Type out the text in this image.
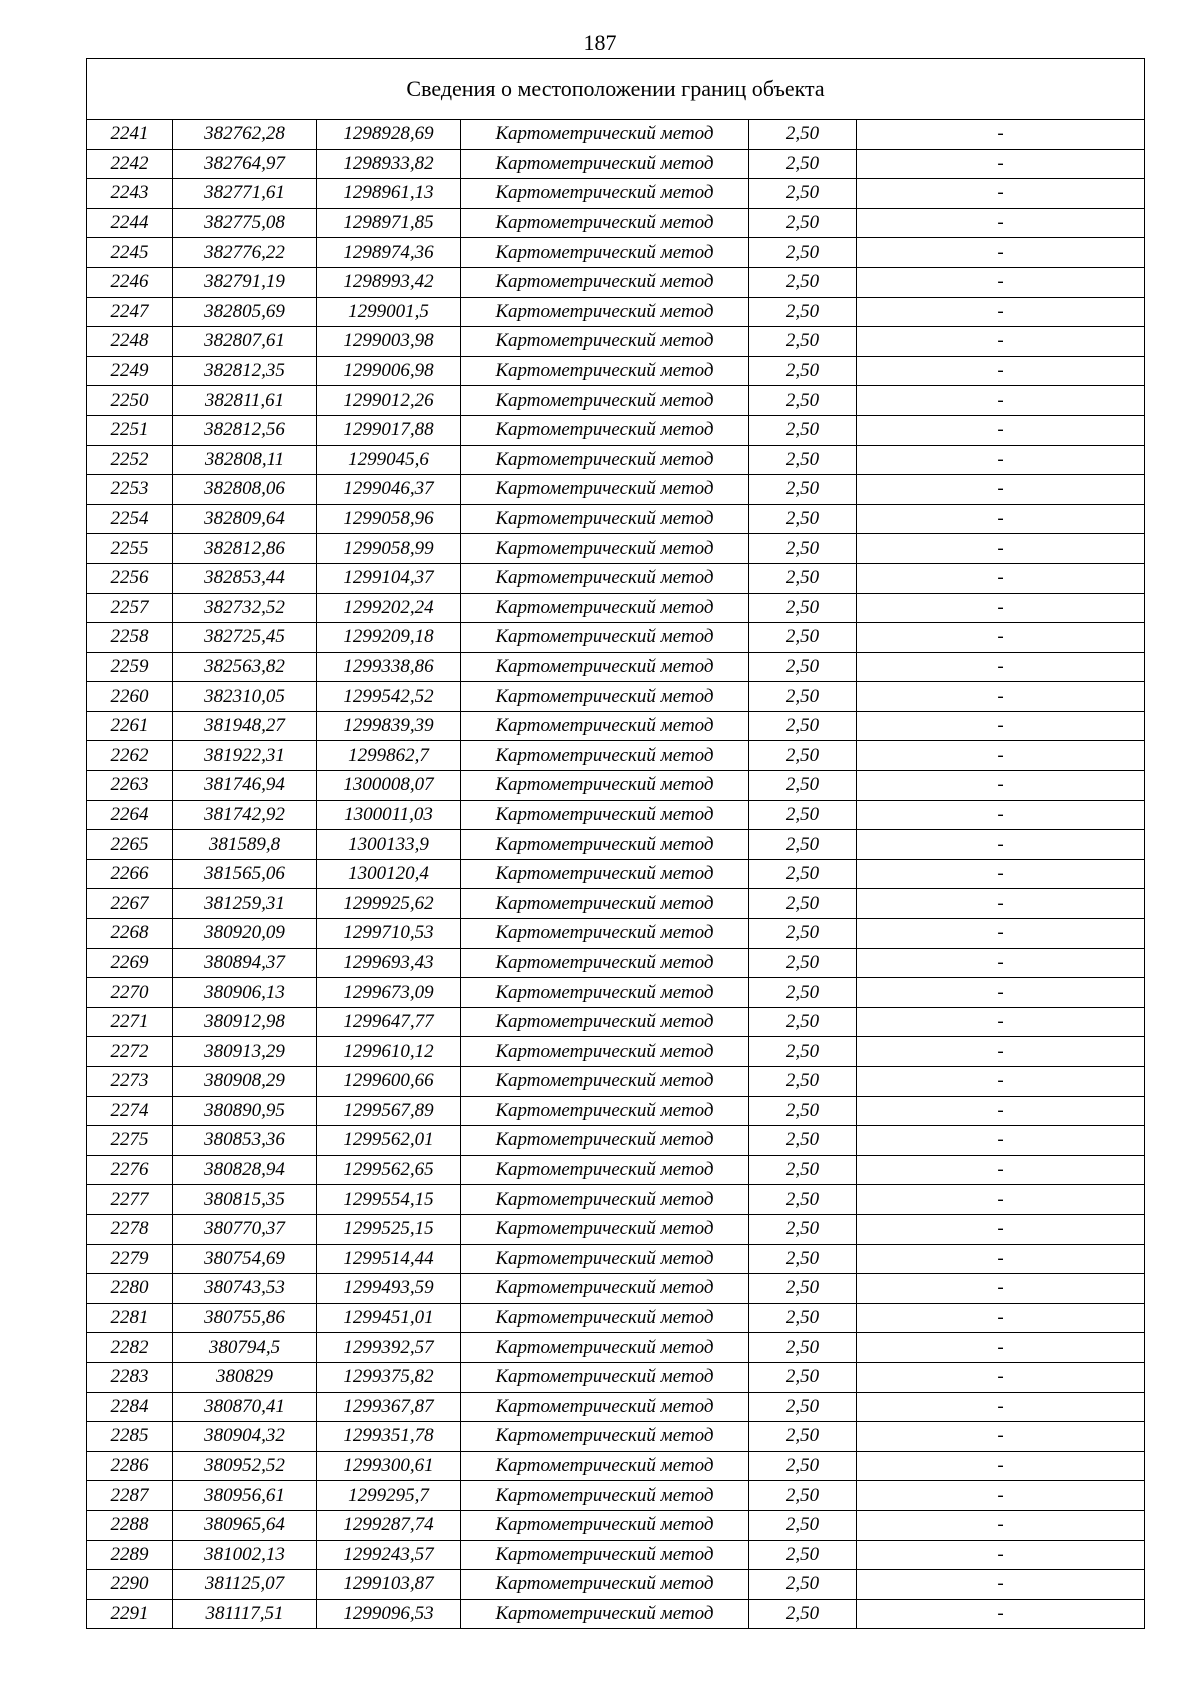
187
Сведения о местоположении границ объекта					
2241	382762,28	1298928,69	Картометрический метод	2,50	-
2242	382764,97	1298933,82	Картометрический метод	2,50	-
2243	382771,61	1298961,13	Картометрический метод	2,50	-
2244	382775,08	1298971,85	Картометрический метод	2,50	-
2245	382776,22	1298974,36	Картометрический метод	2,50	-
2246	382791,19	1298993,42	Картометрический метод	2,50	-
2247	382805,69	1299001,5	Картометрический метод	2,50	-
2248	382807,61	1299003,98	Картометрический метод	2,50	-
2249	382812,35	1299006,98	Картометрический метод	2,50	-
2250	382811,61	1299012,26	Картометрический метод	2,50	-
2251	382812,56	1299017,88	Картометрический метод	2,50	-
2252	382808,11	1299045,6	Картометрический метод	2,50	-
2253	382808,06	1299046,37	Картометрический метод	2,50	-
2254	382809,64	1299058,96	Картометрический метод	2,50	-
2255	382812,86	1299058,99	Картометрический метод	2,50	-
2256	382853,44	1299104,37	Картометрический метод	2,50	-
2257	382732,52	1299202,24	Картометрический метод	2,50	-
2258	382725,45	1299209,18	Картометрический метод	2,50	-
2259	382563,82	1299338,86	Картометрический метод	2,50	-
2260	382310,05	1299542,52	Картометрический метод	2,50	-
2261	381948,27	1299839,39	Картометрический метод	2,50	-
2262	381922,31	1299862,7	Картометрический метод	2,50	-
2263	381746,94	1300008,07	Картометрический метод	2,50	-
2264	381742,92	1300011,03	Картометрический метод	2,50	-
2265	381589,8	1300133,9	Картометрический метод	2,50	-
2266	381565,06	1300120,4	Картометрический метод	2,50	-
2267	381259,31	1299925,62	Картометрический метод	2,50	-
2268	380920,09	1299710,53	Картометрический метод	2,50	-
2269	380894,37	1299693,43	Картометрический метод	2,50	-
2270	380906,13	1299673,09	Картометрический метод	2,50	-
2271	380912,98	1299647,77	Картометрический метод	2,50	-
2272	380913,29	1299610,12	Картометрический метод	2,50	-
2273	380908,29	1299600,66	Картометрический метод	2,50	-
2274	380890,95	1299567,89	Картометрический метод	2,50	-
2275	380853,36	1299562,01	Картометрический метод	2,50	-
2276	380828,94	1299562,65	Картометрический метод	2,50	-
2277	380815,35	1299554,15	Картометрический метод	2,50	-
2278	380770,37	1299525,15	Картометрический метод	2,50	-
2279	380754,69	1299514,44	Картометрический метод	2,50	-
2280	380743,53	1299493,59	Картометрический метод	2,50	-
2281	380755,86	1299451,01	Картометрический метод	2,50	-
2282	380794,5	1299392,57	Картометрический метод	2,50	-
2283	380829	1299375,82	Картометрический метод	2,50	-
2284	380870,41	1299367,87	Картометрический метод	2,50	-
2285	380904,32	1299351,78	Картометрический метод	2,50	-
2286	380952,52	1299300,61	Картометрический метод	2,50	-
2287	380956,61	1299295,7	Картометрический метод	2,50	-
2288	380965,64	1299287,74	Картометрический метод	2,50	-
2289	381002,13	1299243,57	Картометрический метод	2,50	-
2290	381125,07	1299103,87	Картометрический метод	2,50	-
2291	381117,51	1299096,53	Картометрический метод	2,50	-
